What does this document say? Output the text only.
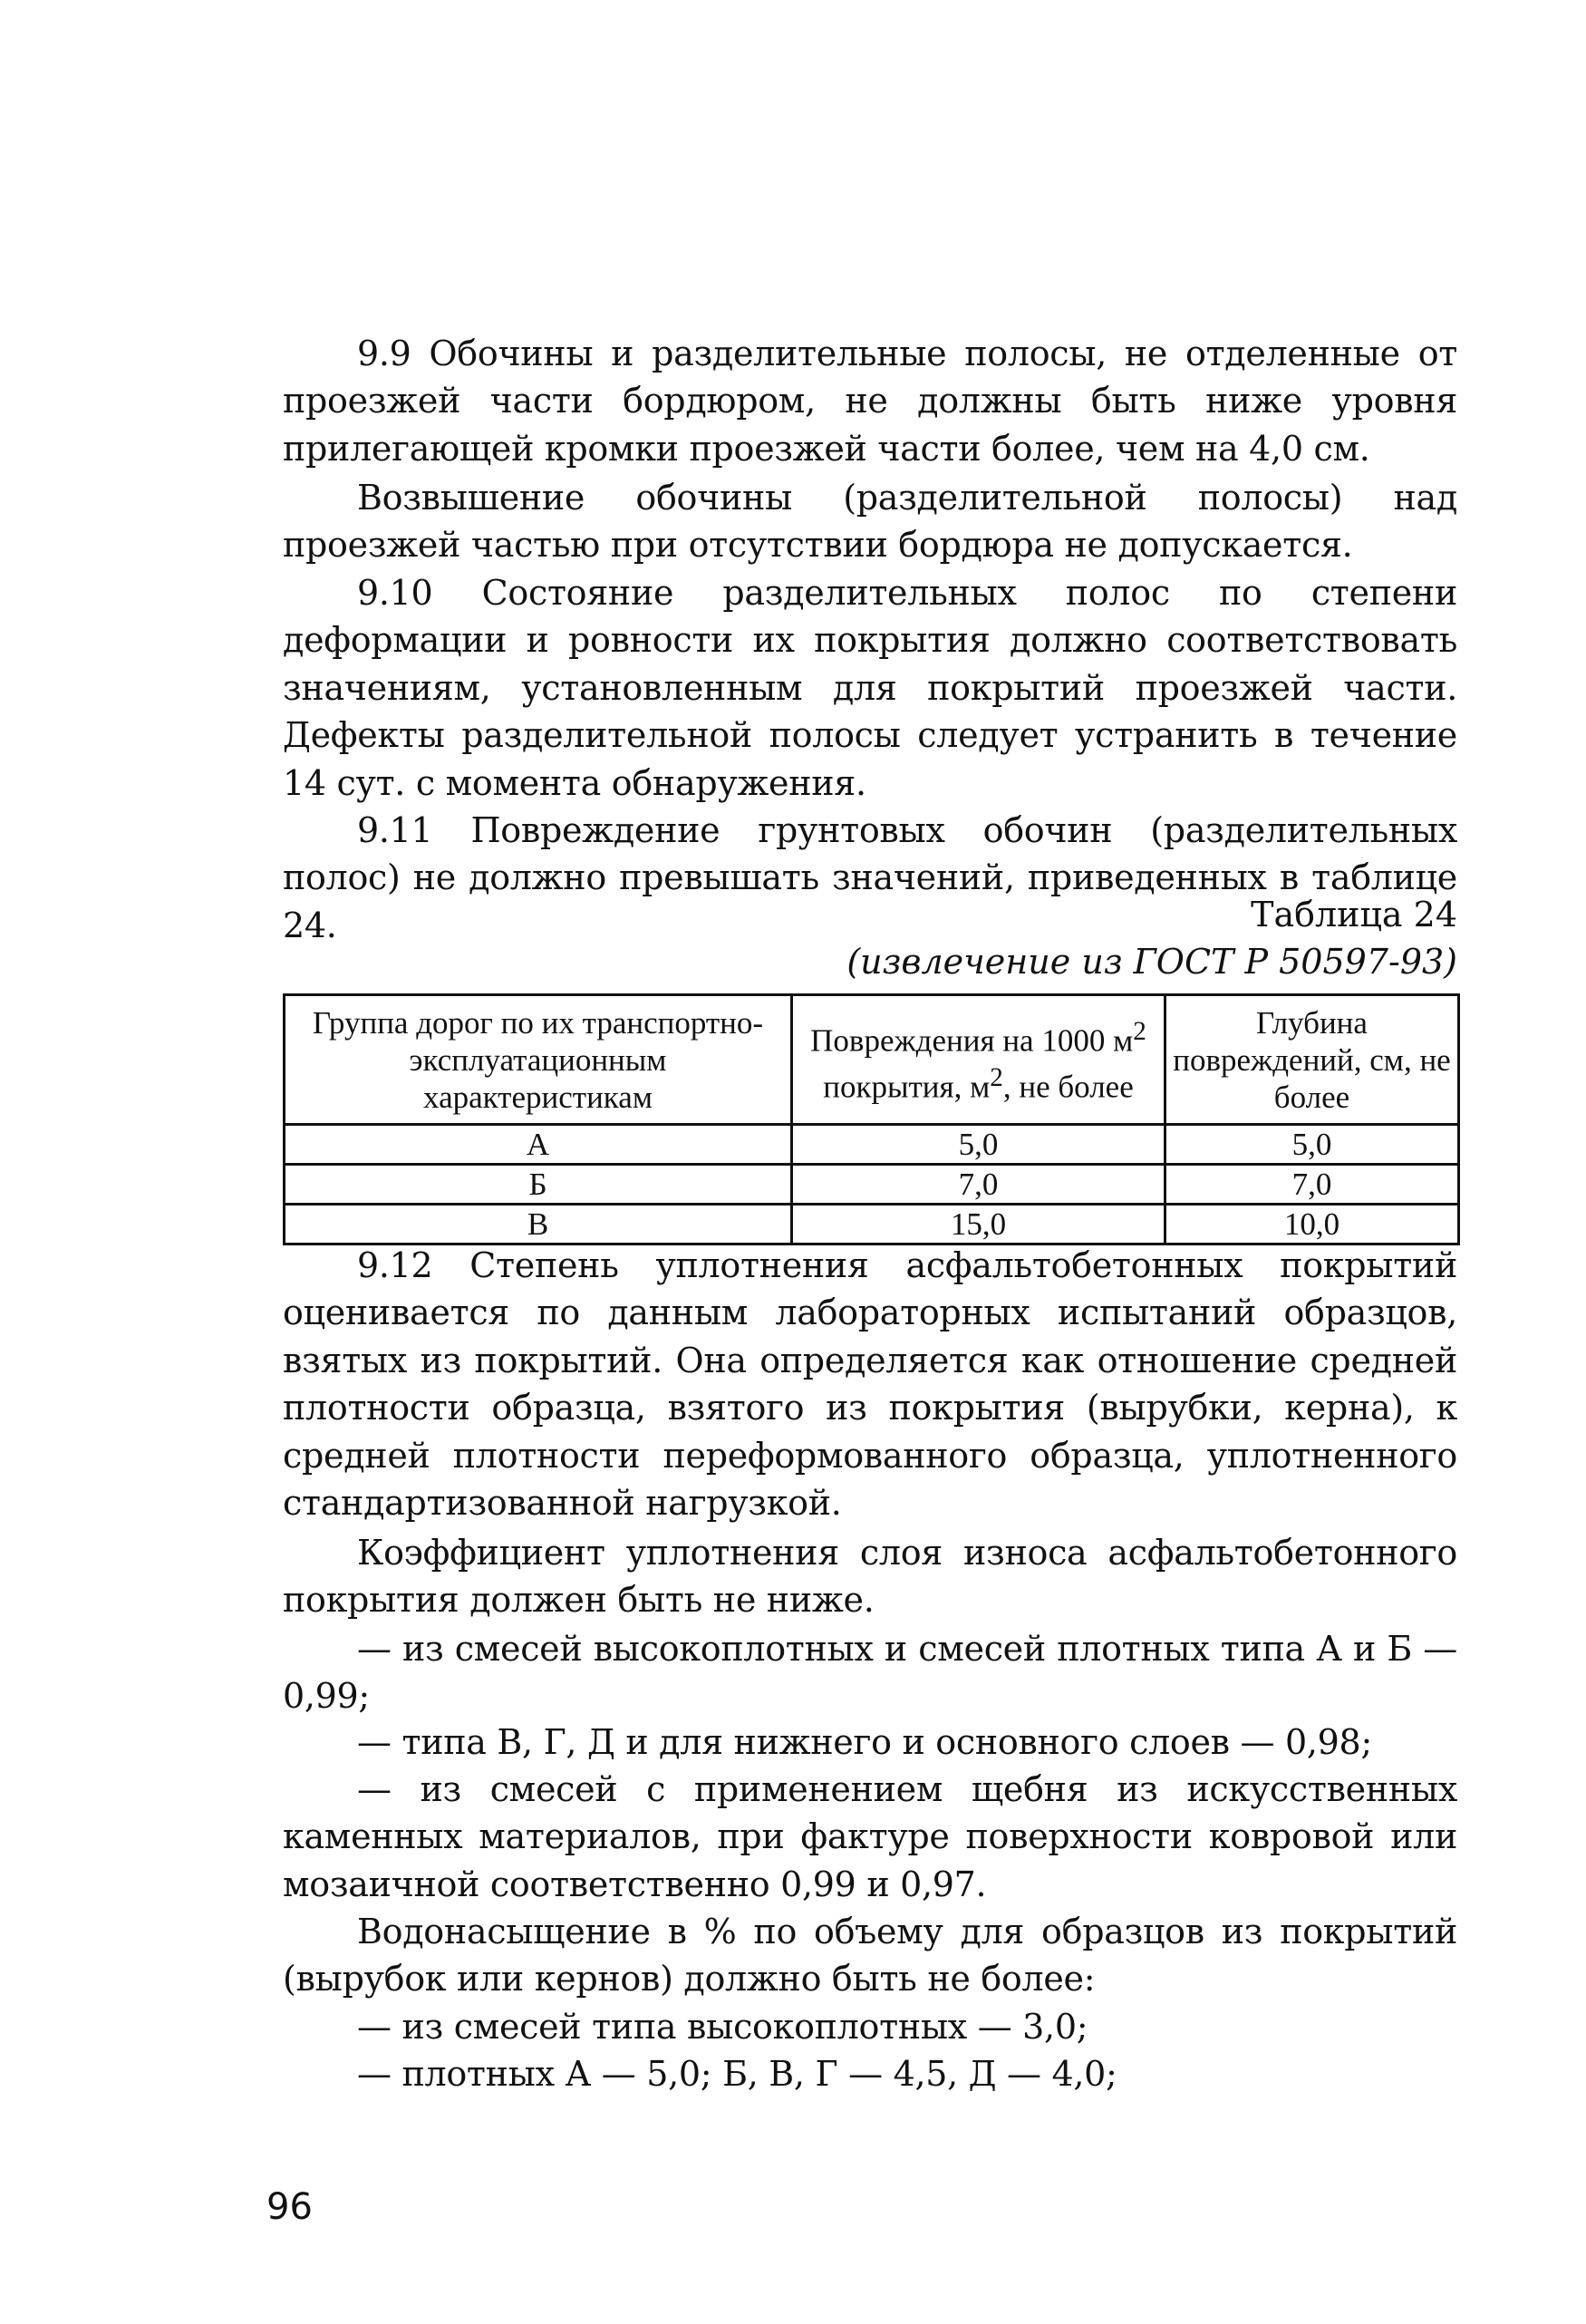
9.9 Обочины и разделительные полосы, не отделенные от проезжей части бордюром, не должны быть ниже уровня прилегающей кромки проезжей части более, чем на 4,0 см.

Возвышение обочины (разделительной полосы) над проезжей частью при отсутствии бордюра не допускается.

9.10 Состояние разделительных полос по степени деформации и ровности их покрытия должно соответствовать значениям, установленным для покрытий проезжей части. Дефекты разделительной полосы следует устранить в течение 14 сут. с момента обнаружения.

9.11 Повреждение грунтовых обочин (разделительных полос) не должно превышать значений, приведенных в таблице 24.	Таблица 24
(извлечение из ГОСТ Р 50597-93)
Группа дорог по их транспортно-эксплуатационным характеристикам	Повреждения на 1000 $м^2$ покрытия, $м^2$, не более	Глубина повреждений, см, не более
А	5,0	5,0
Б	7,0	7,0
В	15,0	10,0

9.12 Степень уплотнения асфальтобетонных покрытий оценивается по данным лабораторных испытаний образцов, взятых из покрытий. Она определяется как отношение средней плотности образца, взятого из покрытия (вырубки, керна), к средней плотности переформованного образца, уплотненного стандартизованной нагрузкой.

Коэффициент уплотнения слоя износа асфальтобетонного покрытия должен быть не ниже.

— из смесей высокоплотных и смесей плотных типа А и Б — 0,99;

— типа В, Г, Д и для нижнего и основного слоев — 0,98;

— из смесей с применением щебня из искусственных каменных материалов, при фактуре поверхности ковровой или мозаичной соответственно 0,99 и 0,97.

Водонасыщение в % по объему для образцов из покрытий (вырубок или кернов) должно быть не более:

— из смесей типа высокоплотных — 3,0;

— плотных А — 5,0; Б, В, Г — 4,5, Д — 4,0;

96
